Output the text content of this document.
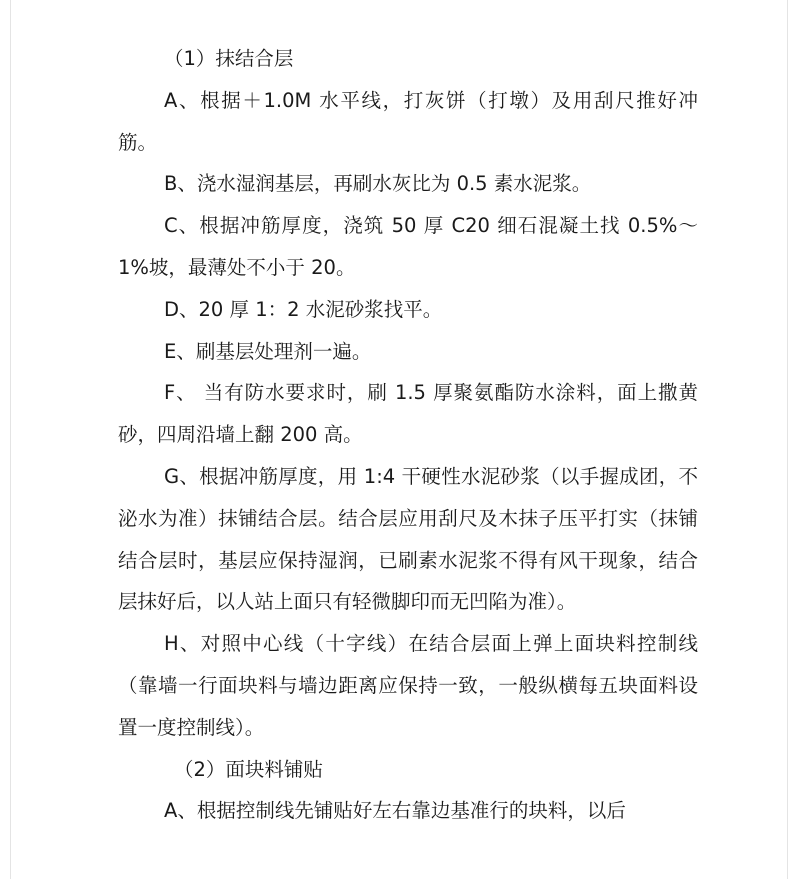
（1）抹结合层

A、根据＋1.0M 水平线，打灰饼（打墩）及用刮尺推好冲筋。

B、浇水湿润基层，再刷水灰比为 0.5 素水泥浆。

C、根据冲筋厚度，浇筑 50 厚 C20 细石混凝土找 0.5%～1%坡，最薄处不小于 20。

D、20 厚 1：2 水泥砂浆找平。

E、刷基层处理剂一遍。

F、 当有防水要求时，刷 1.5 厚聚氨酯防水涂料，面上撒黄砂，四周沿墙上翻 200 高。

G、根据冲筋厚度，用 1:4 干硬性水泥砂浆（以手握成团，不泌水为准）抹铺结合层。结合层应用刮尺及木抹子压平打实（抹铺结合层时，基层应保持湿润，已刷素水泥浆不得有风干现象，结合层抹好后，以人站上面只有轻微脚印而无凹陷为准）。

H、对照中心线（十字线）在结合层面上弹上面块料控制线（靠墙一行面块料与墙边距离应保持一致，一般纵横每五块面料设置一度控制线）。

（2）面块料铺贴

A、根据控制线先铺贴好左右靠边基准行的块料，以后
